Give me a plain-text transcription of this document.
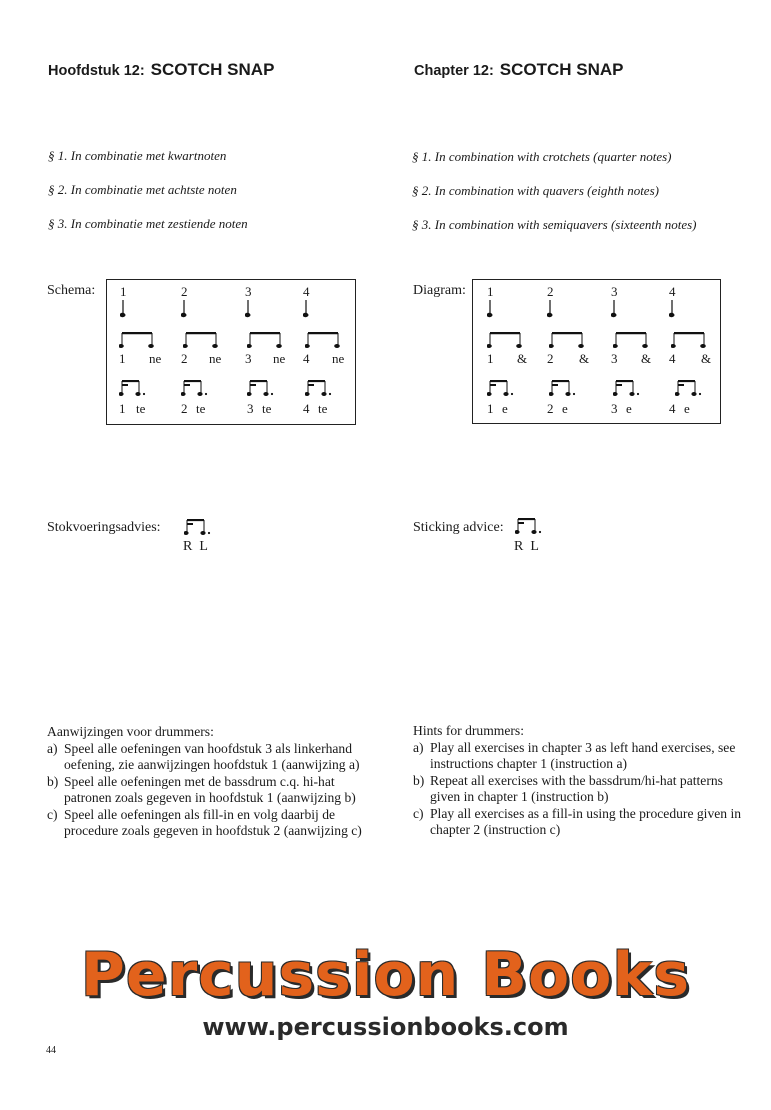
Hoofdstuk 12: SCOTCH SNAP
§ 1. In combinatie met kwartnoten
§ 2. In combinatie met achtste noten
§ 3. In combinatie met zestiende noten
Schema: 1	2	3	4
1 ne 2 ne 3 ne 4 ne
1 te	2 te	3 te 4 te
Stokvoeringsadvies:
R  L
Aanwijzingen voor drummers:
a) Speel alle oefeningen van hoofdstuk 3 als linkerhand oefening, zie aanwijzingen hoofdstuk 1 (aanwijzing a)
b) Speel alle oefeningen met de bassdrum c.q. hi-hat patronen zoals gegeven in hoofdstuk 1 (aanwijzing b)
c) Speel alle oefeningen als fill-in en volg daarbij de procedure zoals gegeven in hoofdstuk 2 (aanwijzing c)
Chapter 12: SCOTCH SNAP
§ 1. In combination with crotchets (quarter notes)
§ 2. In combination with quavers (eighth notes)
§ 3. In combination with semiquavers (sixteenth notes)
Diagram: 1	2	3	4
1 & 2 & 3 & 4 &
1 e	2 e	3 e	4 e
Sticking advice:
R  L
Hints for drummers:
a) Play all exercises in chapter 3 as left hand exercises, see instructions chapter 1 (instruction a)
b) Repeat all exercises with the bassdrum/hi-hat patterns given in chapter 1 (instruction b)
c) Play all exercises as a fill-in using the procedure given in chapter 2 (instruction c)
Percussion Books
www.percussionbooks.com
44
